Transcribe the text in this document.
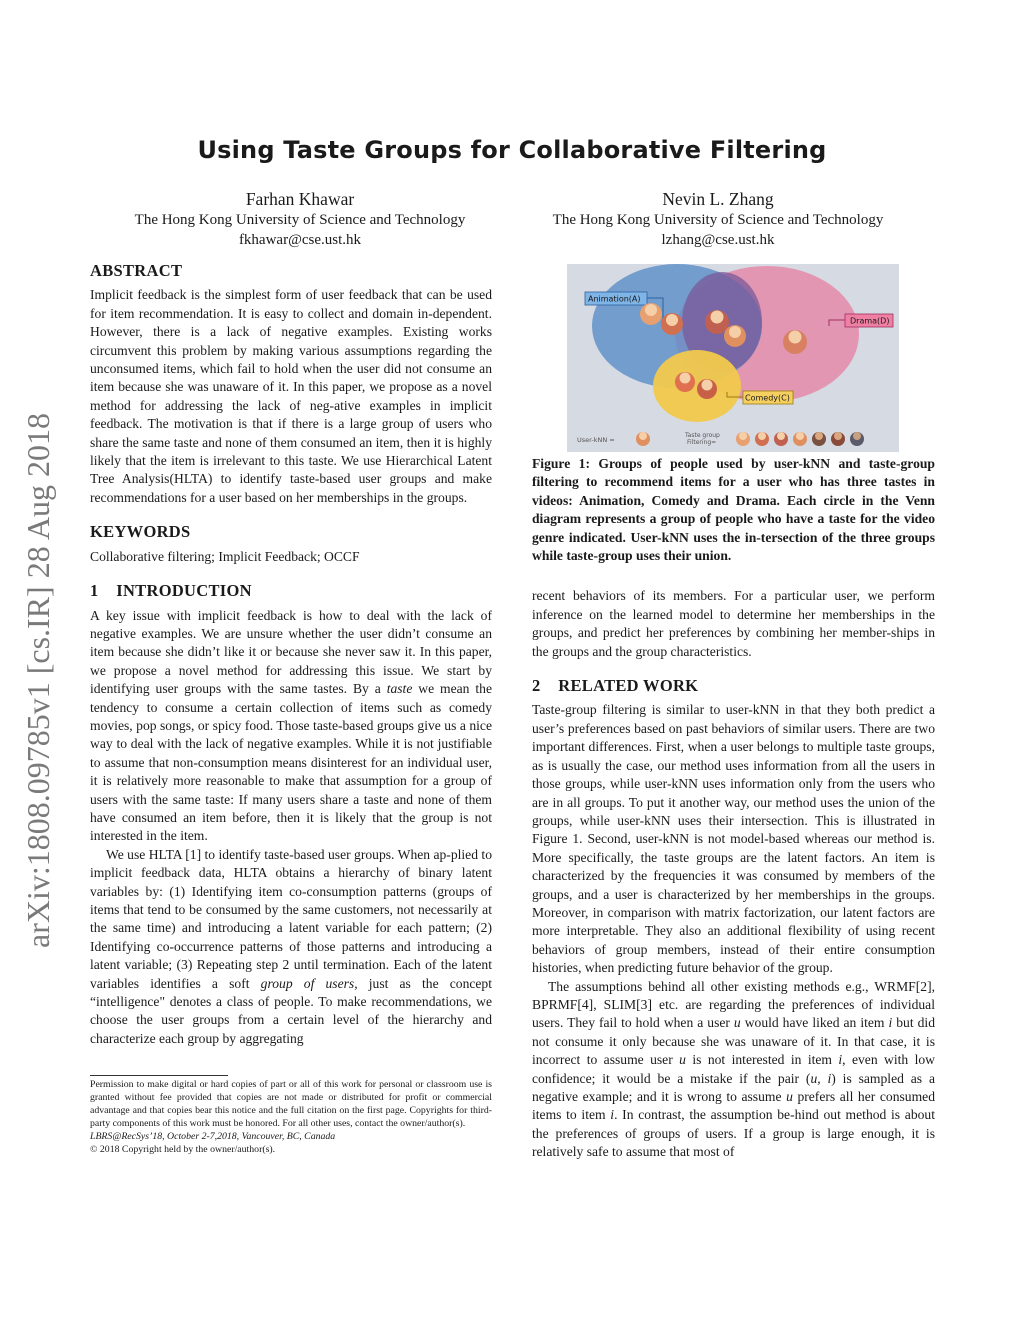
arXiv:1808.09785v1 [cs.IR] 28 Aug 2018
Using Taste Groups for Collaborative Filtering
Farhan Khawar
The Hong Kong University of Science and Technology
fkhawar@cse.ust.hk
Nevin L. Zhang
The Hong Kong University of Science and Technology
lzhang@cse.ust.hk
ABSTRACT

Implicit feedback is the simplest form of user feedback that can be used for item recommendation. It is easy to collect and domain in-dependent. However, there is a lack of negative examples. Existing works circumvent this problem by making various assumptions regarding the unconsumed items, which fail to hold when the user did not consume an item because she was unaware of it. In this paper, we propose as a novel method for addressing the lack of neg-ative examples in implicit feedback. The motivation is that if there is a large group of users who share the same taste and none of them consumed an item, then it is highly likely that the item is irrelevant to this taste. We use Hierarchical Latent Tree Analysis(HLTA) to identify taste-based user groups and make recommendations for a user based on her memberships in the groups.

KEYWORDS

Collaborative filtering; Implicit Feedback; OCCF

1    INTRODUCTION

A key issue with implicit feedback is how to deal with the lack of negative examples. We are unsure whether the user didn’t consume an item because she didn’t like it or because she never saw it. In this paper, we propose a novel method for addressing this issue. We start by identifying user groups with the same tastes. By a taste we mean the tendency to consume a certain collection of items such as comedy movies, pop songs, or spicy food. Those taste-based groups give us a nice way to deal with the lack of negative examples. While it is not justifiable to assume that non-consumption means disinterest for an individual user, it is relatively more reasonable to make that assumption for a group of users with the same taste: If many users share a taste and none of them have consumed an item before, then it is likely that the group is not interested in the item.

We use HLTA [1] to identify taste-based user groups. When ap-plied to implicit feedback data, HLTA obtains a hierarchy of binary latent variables by: (1) Identifying item co-consumption patterns (groups of items that tend to be consumed by the same customers, not necessarily at the same time) and introducing a latent variable for each pattern; (2) Identifying co-occurrence patterns of those patterns and introducing a latent variable; (3) Repeating step 2 until termination. Each of the latent variables identifies a soft group of users, just as the concept “intelligence" denotes a class of people. To make recommendations, we choose the user groups from a certain level of the hierarchy and characterize each group by aggregating

Permission to make digital or hard copies of part or all of this work for personal or classroom use is granted without fee provided that copies are not made or distributed for profit or commercial advantage and that copies bear this notice and the full citation on the first page. Copyrights for third-party components of this work must be honored. For all other uses, contact the owner/author(s).

LBRS@RecSys’18, October 2-7,2018, Vancouver, BC, Canada

© 2018 Copyright held by the owner/author(s).

Animation(A)
Drama(D)
Comedy(C)
User-kNN =
Taste group
Filtering=

Figure 1: Groups of people used by user-kNN and taste-group filtering to recommend items for a user who has three tastes in videos: Animation, Comedy and Drama. Each circle in the Venn diagram represents a group of people who have a taste for the video genre indicated. User-kNN uses the in-tersection of the three groups while taste-group uses their union.

recent behaviors of its members. For a particular user, we perform inference on the learned model to determine her memberships in the groups, and predict her preferences by combining her member-ships in the groups and the group characteristics.

2    RELATED WORK

Taste-group filtering is similar to user-kNN in that they both predict a user’s preferences based on past behaviors of similar users. There are two important differences. First, when a user belongs to multiple taste groups, as is usually the case, our method uses information from all the users in those groups, while user-kNN uses information only from the users who are in all groups. To put it another way, our method uses the union of the groups, while user-kNN uses their intersection. This is illustrated in Figure 1. Second, user-kNN is not model-based whereas our method is. More specifically, the taste groups are the latent factors. An item is characterized by the frequencies it was consumed by members of the groups, and a user is characterized by her memberships in the groups. Moreover, in comparison with matrix factorization, our latent factors are more interpretable. They also an additional flexibility of using recent behaviors of group members, instead of their entire consumption histories, when predicting future behavior of the group.

The assumptions behind all other existing methods e.g., WRMF[2], BPRMF[4], SLIM[3] etc. are regarding the preferences of individual users. They fail to hold when a user u would have liked an item i but did not consume it only because she was unaware of it. In that case, it is incorrect to assume user u is not interested in item i, even with low confidence; it would be a mistake if the pair (u, i) is sampled as a negative example; and it is wrong to assume u prefers all her consumed items to item i. In contrast, the assumption be-hind out method is about the preferences of groups of users. If a group is large enough, it is relatively safe to assume that most of
